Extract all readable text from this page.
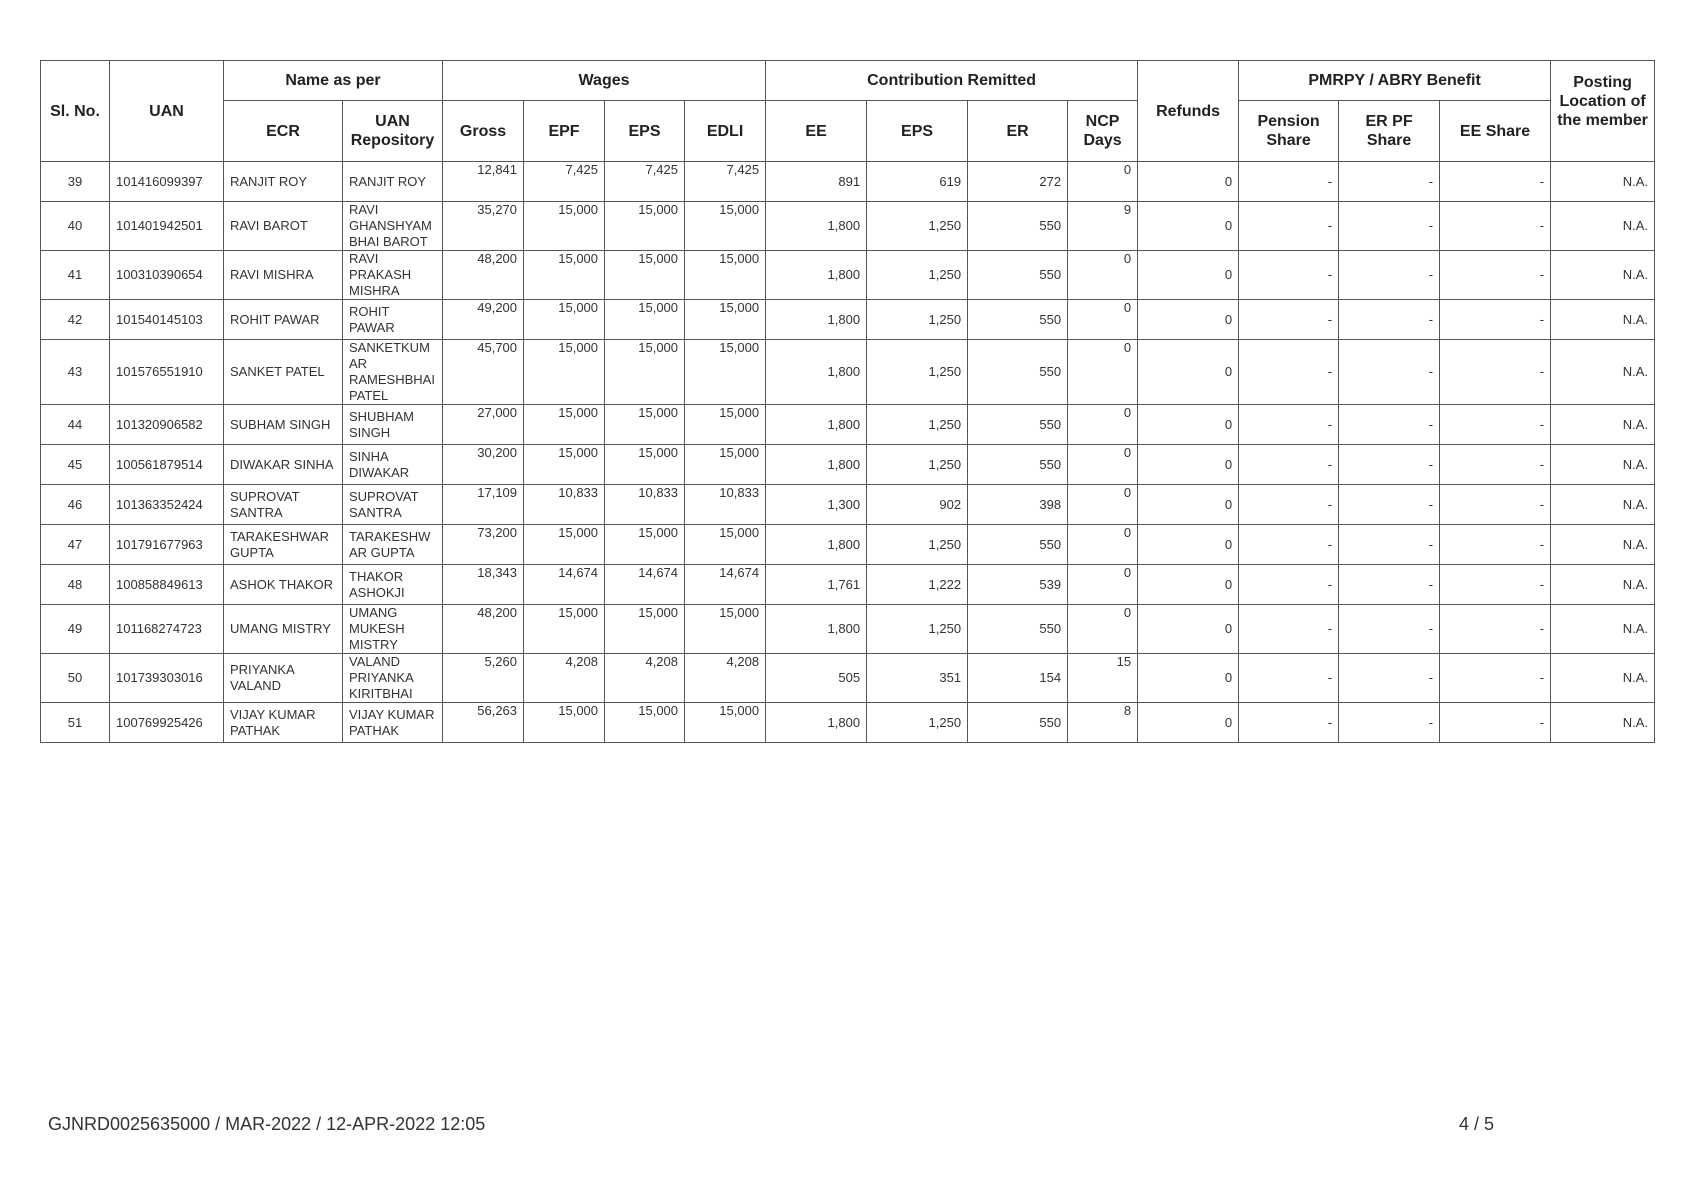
Sl. No.	UAN	Name as per		Wages				Contribution Remitted				Refunds	PMRPY / ABRY Benefit			Posting Location of the member
		ECR	UAN Repository	Gross	EPF	EPS	EDLI	EE	EPS	ER	NCP Days		Pension Share	ER PF Share	EE Share	
39	101416099397	RANJIT ROY	RANJIT ROY	12,841	7,425	7,425	7,425	891	619	272	0	0	-	-	-	N.A.
40	101401942501	RAVI BAROT	RAVI GHANSHYAM BHAI BAROT	35,270	15,000	15,000	15,000	1,800	1,250	550	9	0	-	-	-	N.A.
41	100310390654	RAVI MISHRA	RAVI PRAKASH MISHRA	48,200	15,000	15,000	15,000	1,800	1,250	550	0	0	-	-	-	N.A.
42	101540145103	ROHIT PAWAR	ROHIT PAWAR	49,200	15,000	15,000	15,000	1,800	1,250	550	0	0	-	-	-	N.A.
43	101576551910	SANKET PATEL	SANKETKUM AR RAMESHBHAI PATEL	45,700	15,000	15,000	15,000	1,800	1,250	550	0	0	-	-	-	N.A.
44	101320906582	SUBHAM SINGH	SHUBHAM SINGH	27,000	15,000	15,000	15,000	1,800	1,250	550	0	0	-	-	-	N.A.
45	100561879514	DIWAKAR SINHA	SINHA DIWAKAR	30,200	15,000	15,000	15,000	1,800	1,250	550	0	0	-	-	-	N.A.
46	101363352424	SUPROVAT SANTRA	SUPROVAT SANTRA	17,109	10,833	10,833	10,833	1,300	902	398	0	0	-	-	-	N.A.
47	101791677963	TARAKESHWAR GUPTA	TARAKESHW AR GUPTA	73,200	15,000	15,000	15,000	1,800	1,250	550	0	0	-	-	-	N.A.
48	100858849613	ASHOK THAKOR	THAKOR ASHOKJI	18,343	14,674	14,674	14,674	1,761	1,222	539	0	0	-	-	-	N.A.
49	101168274723	UMANG MISTRY	UMANG MUKESH MISTRY	48,200	15,000	15,000	15,000	1,800	1,250	550	0	0	-	-	-	N.A.
50	101739303016	PRIYANKA VALAND	VALAND PRIYANKA KIRITBHAI	5,260	4,208	4,208	4,208	505	351	154	15	0	-	-	-	N.A.
51	100769925426	VIJAY KUMAR PATHAK	VIJAY KUMAR PATHAK	56,263	15,000	15,000	15,000	1,800	1,250	550	8	0	-	-	-	N.A.
GJNRD0025635000 / MAR-2022 / 12-APR-2022 12:05	4 / 5
